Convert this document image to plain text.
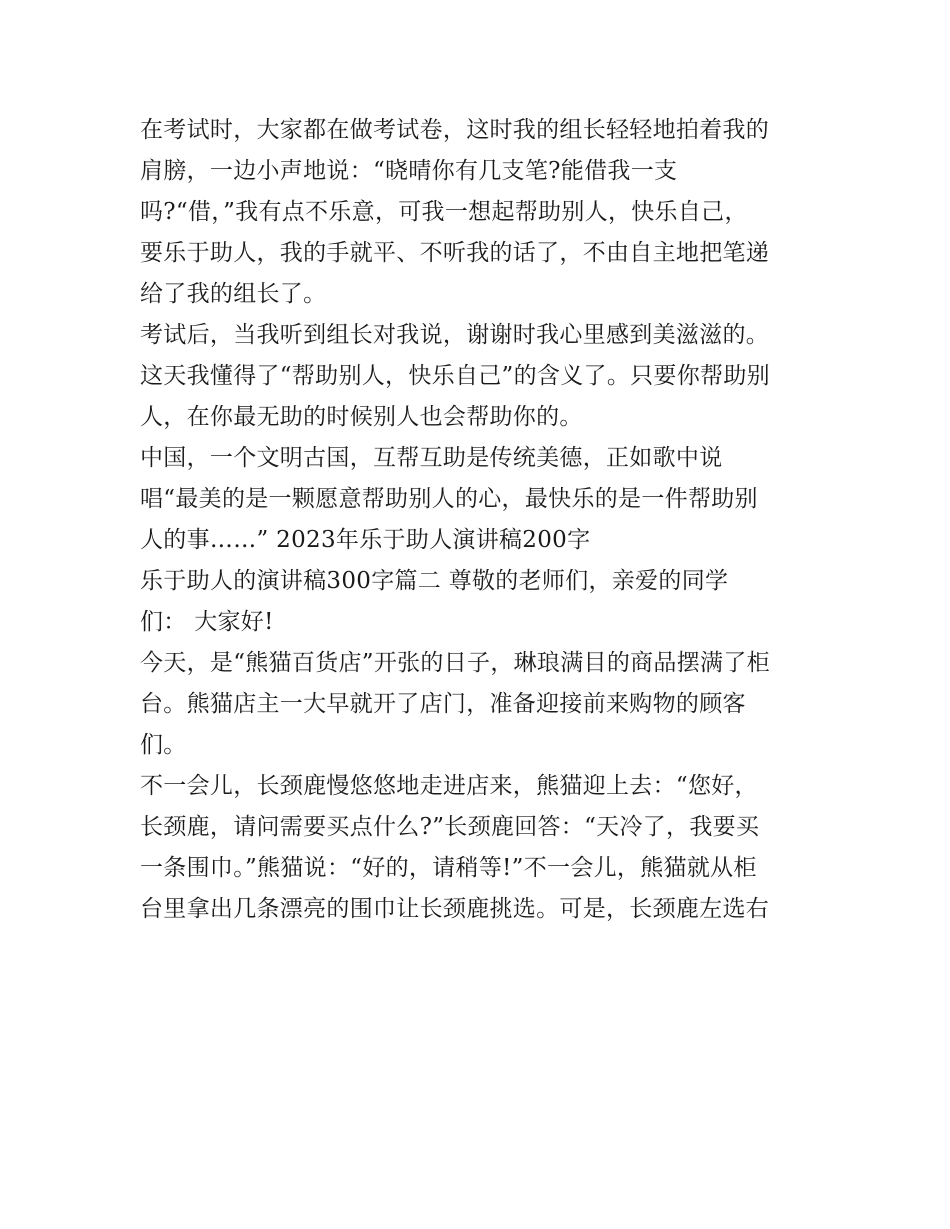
在考试时，大家都在做考试卷，这时我的组长轻轻地拍着我的
肩膀，一边小声地说：“晓晴你有几支笔?能借我一支
吗?“借，”我有点不乐意，可我一想起帮助别人，快乐自己，
要乐于助人，我的手就平、不听我的话了，不由自主地把笔递
给了我的组长了。
考试后，当我听到组长对我说，谢谢时我心里感到美滋滋的。
这天我懂得了“帮助别人，快乐自己”的含义了。只要你帮助别
人，在你最无助的时候别人也会帮助你的。
中国，一个文明古国，互帮互助是传统美德，正如歌中说
唱“最美的是一颗愿意帮助别人的心，最快乐的是一件帮助别
人的事……” 2023年乐于助人演讲稿200字
乐于助人的演讲稿300字篇二 尊敬的老师们，亲爱的同学
们： 大家好!
今天，是“熊猫百货店”开张的日子，琳琅满目的商品摆满了柜
台。熊猫店主一大早就开了店门，准备迎接前来购物的顾客
们。
不一会儿，长颈鹿慢悠悠地走进店来，熊猫迎上去：“您好，
长颈鹿，请问需要买点什么?”长颈鹿回答：“天冷了，我要买
一条围巾。”熊猫说：“好的，请稍等!”不一会儿，熊猫就从柜
台里拿出几条漂亮的围巾让长颈鹿挑选。可是，长颈鹿左选右
